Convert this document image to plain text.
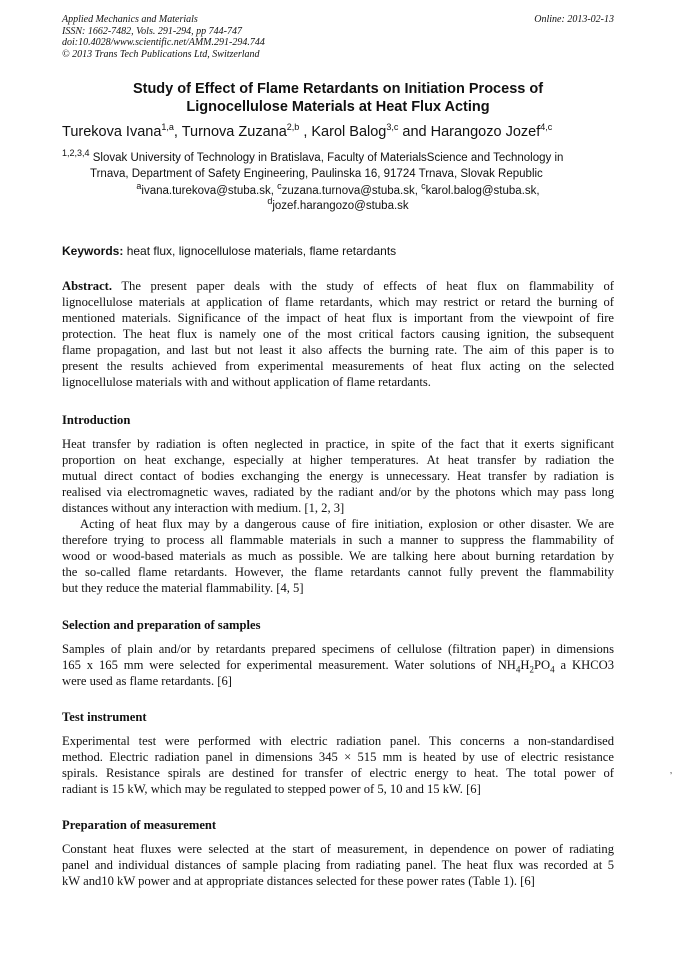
Applied Mechanics and Materials
ISSN: 1662-7482, Vols. 291-294, pp 744-747
doi:10.4028/www.scientific.net/AMM.291-294.744
© 2013 Trans Tech Publications Ltd, Switzerland
Online: 2013-02-13
Study of Effect of Flame Retardants on Initiation Process of
Lignocellulose Materials at Heat Flux Acting
Turekova Ivana$^{1,a}$, Turnova Zuzana$^{2,b}$ , Karol Balog$^{3,c}$ and Harangozo Jozef$^{4,c}$
$^{1,2,3,4}$ Slovak University of Technology in Bratislava, Faculty of MaterialsScience and Technology in
Trnava, Department of Safety Engineering, Paulinska 16, 91724 Trnava, Slovak Republic
$^a$ivana.turekova@stuba.sk, $^c$zuzana.turnova@stuba.sk, $^c$karol.balog@stuba.sk,
$^d$jozef.harangozo@stuba.sk
Keywords: heat flux, lignocellulose materials, flame retardants
Abstract. The present paper deals with the study of effects of heat flux on flammability of
lignocellulose materials at application of flame retardants, which may restrict or retard the burning of
mentioned materials. Significance of the impact of heat flux is important from the viewpoint of fire
protection. The heat flux is namely one of the most critical factors causing ignition, the subsequent
flame propagation, and last but not least it also affects the burning rate. The aim of this paper is to
present the results achieved from experimental measurements of heat flux acting on the selected
lignocellulose materials with and without application of flame retardants.
Introduction
Heat transfer by radiation is often neglected in practice, in spite of the fact that it exerts significant
proportion on heat exchange, especially at higher temperatures. At heat transfer by radiation the
mutual direct contact of bodies exchanging the energy is unnecessary. Heat transfer by radiation is
realised via electromagnetic waves, radiated by the radiant and/or by the photons which may pass long
distances without any interaction with medium. [1, 2, 3]
Acting of heat flux may by a dangerous cause of fire initiation, explosion or other disaster. We are
therefore trying to process all flammable materials in such a manner to suppress the flammability of
wood or wood-based materials as much as possible. We are talking here about burning retardation by
the so-called flame retardants. However, the flame retardants cannot fully prevent the flammability
but they reduce the material flammability. [4, 5]
Selection and preparation of samples
Samples of plain and/or by retardants prepared specimens of cellulose (filtration paper) in dimensions
165 x 165 mm were selected for experimental measurement. Water solutions of $NH_4H_2PO_4$ a KHCO3
were used as flame retardants. [6]
Test instrument
Experimental test were performed with electric radiation panel. This concerns a non-standardised
method. Electric radiation panel in dimensions 345 × 515 mm is heated by use of electric resistance
spirals. Resistance spirals are destined for transfer of electric energy to heat. The total power of
radiant is 15 kW, which may be regulated to stepped power of 5, 10 and 15 kW. [6]
Preparation of measurement
Constant heat fluxes were selected at the start of measurement, in dependence on power of radiating
panel and individual distances of sample placing from radiating panel. The heat flux was recorded at 5
kW and10 kW power and at appropriate distances selected for these power rates (Table 1). [6]
‚
